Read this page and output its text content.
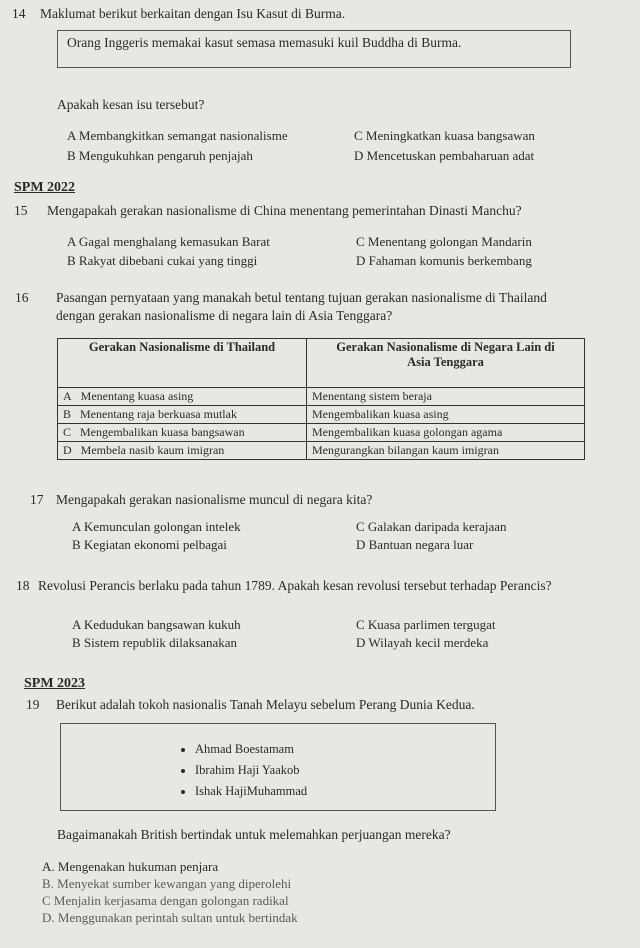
14 Maklumat berikut berkaitan dengan Isu Kasut di Burma.
Orang Inggeris memakai kasut semasa memasuki kuil Buddha di Burma.
Apakah kesan isu tersebut?
A Membangkitkan semangat nasionalisme
B Mengukuhkan pengaruh penjajah
C Meningkatkan kuasa bangsawan
D Mencetuskan pembaharuan adat
SPM 2022
15 Mengapakah gerakan nasionalisme di China menentang pemerintahan Dinasti Manchu?
A Gagal menghalang kemasukan Barat
B Rakyat dibebani cukai yang tinggi
C Menentang golongan Mandarin
D Fahaman komunis berkembang
16 Pasangan pernyataan yang manakah betul tentang tujuan gerakan nasionalisme di Thailand
dengan gerakan nasionalisme di negara lain di Asia Tenggara?
Gerakan Nasionalisme di Thailand	Gerakan Nasionalisme di Negara Lain di
Asia Tenggara
A Menentang kuasa asing	Menentang sistem beraja
B Menentang raja berkuasa mutlak	Mengembalikan kuasa asing
C Mengembalikan kuasa bangsawan	Mengembalikan kuasa golongan agama
D Membela nasib kaum imigran	Mengurangkan bilangan kaum imigran
17 Mengapakah gerakan nasionalisme muncul di negara kita?
A Kemunculan golongan intelek
B Kegiatan ekonomi pelbagai
C Galakan daripada kerajaan
D Bantuan negara luar
18 Revolusi Perancis berlaku pada tahun 1789. Apakah kesan revolusi tersebut terhadap Perancis?
A Kedudukan bangsawan kukuh
B Sistem republik dilaksanakan
C Kuasa parlimen tergugat
D Wilayah kecil merdeka
SPM 2023
19 Berikut adalah tokoh nasionalis Tanah Melayu sebelum Perang Dunia Kedua.
• Ahmad Boestamam
• Ibrahim Haji Yaakob
• Ishak HajiMuhammad
Bagaimanakah British bertindak untuk melemahkan perjuangan mereka?
A. Mengenakan hukuman penjara
B. Menyekat sumber kewangan yang diperolehi
C Menjalin kerjasama dengan golongan radikal
D. Menggunakan perintah sultan untuk bertindak
